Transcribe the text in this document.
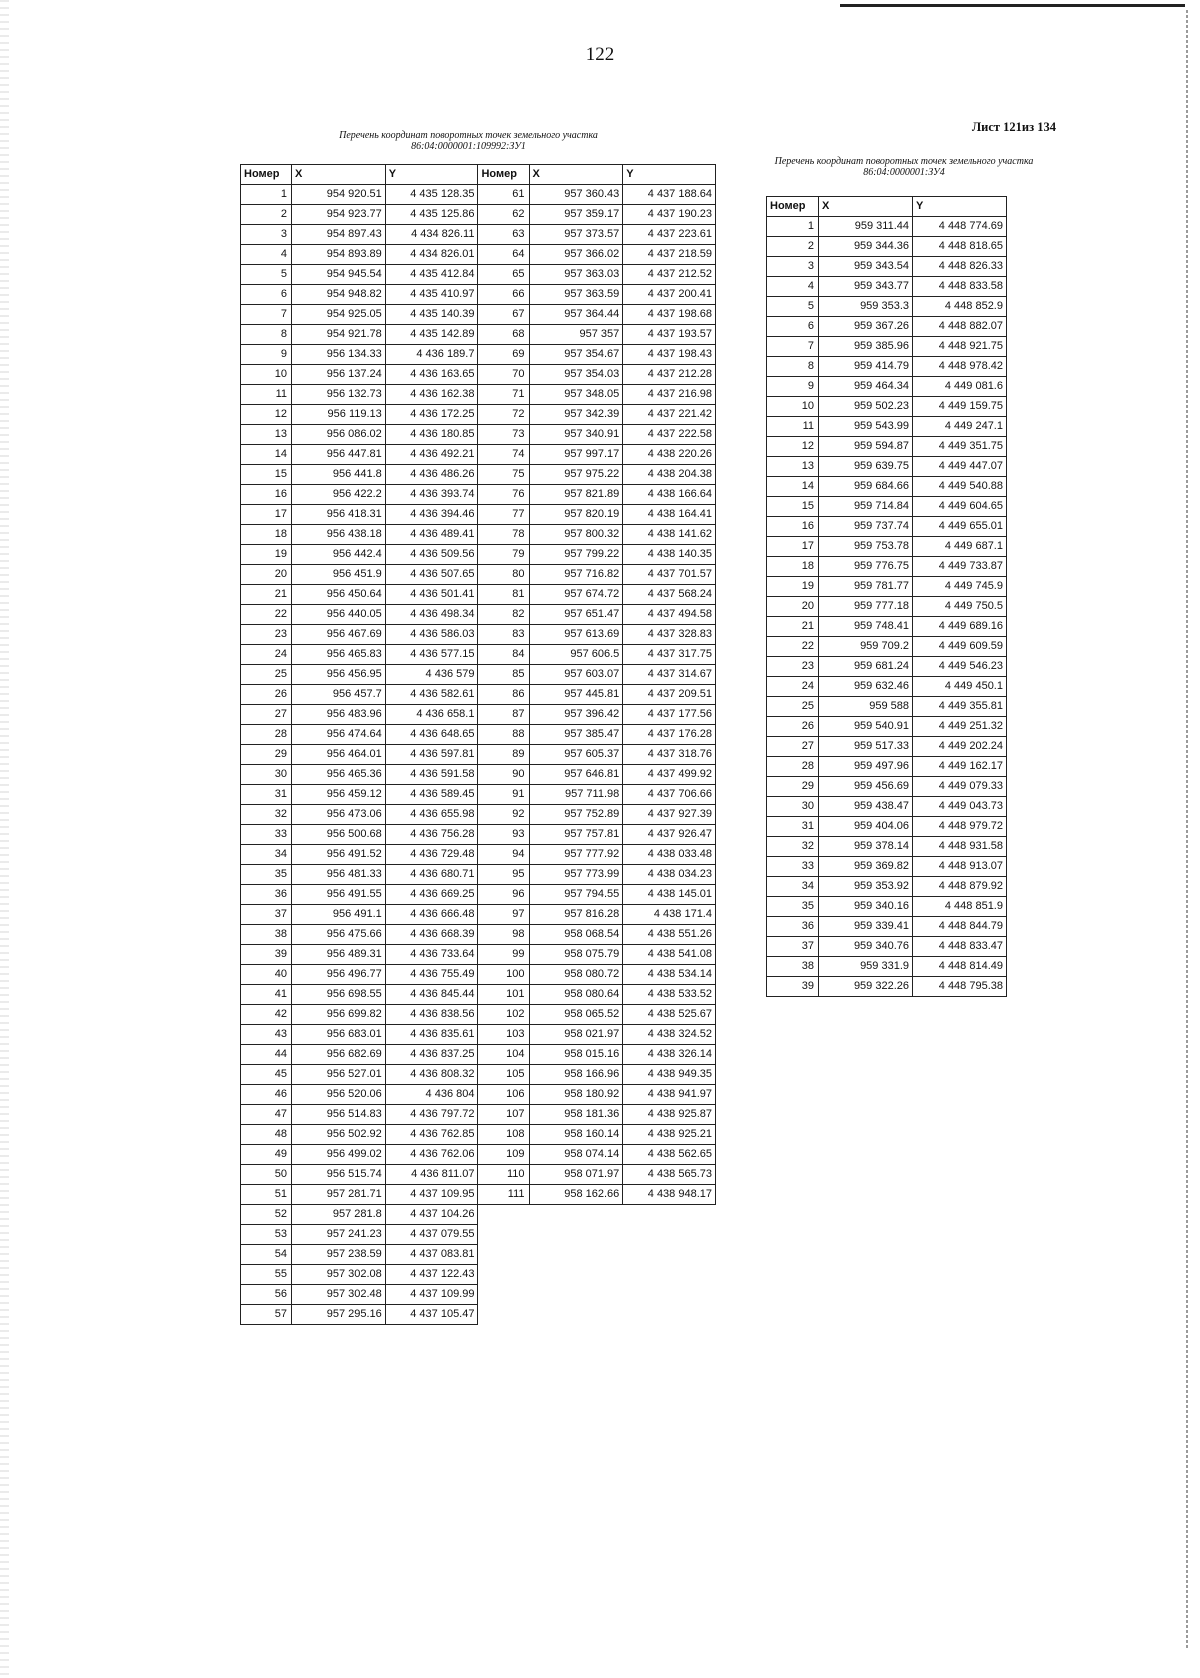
122
Лист 121из 134
Перечень координат поворотных точек земельного участка
86:04:0000001:109992:ЗУ1
Перечень координат поворотных точек земельного участка
86:04:0000001:ЗУ4
Номер	X	Y	Номер	X	Y
1	954 920.51	4 435 128.35	61	957 360.43	4 437 188.64
2	954 923.77	4 435 125.86	62	957 359.17	4 437 190.23
3	954 897.43	4 434 826.11	63	957 373.57	4 437 223.61
4	954 893.89	4 434 826.01	64	957 366.02	4 437 218.59
5	954 945.54	4 435 412.84	65	957 363.03	4 437 212.52
6	954 948.82	4 435 410.97	66	957 363.59	4 437 200.41
7	954 925.05	4 435 140.39	67	957 364.44	4 437 198.68
8	954 921.78	4 435 142.89	68	957 357	4 437 193.57
9	956 134.33	4 436 189.7	69	957 354.67	4 437 198.43
10	956 137.24	4 436 163.65	70	957 354.03	4 437 212.28
11	956 132.73	4 436 162.38	71	957 348.05	4 437 216.98
12	956 119.13	4 436 172.25	72	957 342.39	4 437 221.42
13	956 086.02	4 436 180.85	73	957 340.91	4 437 222.58
14	956 447.81	4 436 492.21	74	957 997.17	4 438 220.26
15	956 441.8	4 436 486.26	75	957 975.22	4 438 204.38
16	956 422.2	4 436 393.74	76	957 821.89	4 438 166.64
17	956 418.31	4 436 394.46	77	957 820.19	4 438 164.41
18	956 438.18	4 436 489.41	78	957 800.32	4 438 141.62
19	956 442.4	4 436 509.56	79	957 799.22	4 438 140.35
20	956 451.9	4 436 507.65	80	957 716.82	4 437 701.57
21	956 450.64	4 436 501.41	81	957 674.72	4 437 568.24
22	956 440.05	4 436 498.34	82	957 651.47	4 437 494.58
23	956 467.69	4 436 586.03	83	957 613.69	4 437 328.83
24	956 465.83	4 436 577.15	84	957 606.5	4 437 317.75
25	956 456.95	4 436 579	85	957 603.07	4 437 314.67
26	956 457.7	4 436 582.61	86	957 445.81	4 437 209.51
27	956 483.96	4 436 658.1	87	957 396.42	4 437 177.56
28	956 474.64	4 436 648.65	88	957 385.47	4 437 176.28
29	956 464.01	4 436 597.81	89	957 605.37	4 437 318.76
30	956 465.36	4 436 591.58	90	957 646.81	4 437 499.92
31	956 459.12	4 436 589.45	91	957 711.98	4 437 706.66
32	956 473.06	4 436 655.98	92	957 752.89	4 437 927.39
33	956 500.68	4 436 756.28	93	957 757.81	4 437 926.47
34	956 491.52	4 436 729.48	94	957 777.92	4 438 033.48
35	956 481.33	4 436 680.71	95	957 773.99	4 438 034.23
36	956 491.55	4 436 669.25	96	957 794.55	4 438 145.01
37	956 491.1	4 436 666.48	97	957 816.28	4 438 171.4
38	956 475.66	4 436 668.39	98	958 068.54	4 438 551.26
39	956 489.31	4 436 733.64	99	958 075.79	4 438 541.08
40	956 496.77	4 436 755.49	100	958 080.72	4 438 534.14
41	956 698.55	4 436 845.44	101	958 080.64	4 438 533.52
42	956 699.82	4 436 838.56	102	958 065.52	4 438 525.67
43	956 683.01	4 436 835.61	103	958 021.97	4 438 324.52
44	956 682.69	4 436 837.25	104	958 015.16	4 438 326.14
45	956 527.01	4 436 808.32	105	958 166.96	4 438 949.35
46	956 520.06	4 436 804	106	958 180.92	4 438 941.97
47	956 514.83	4 436 797.72	107	958 181.36	4 438 925.87
48	956 502.92	4 436 762.85	108	958 160.14	4 438 925.21
49	956 499.02	4 436 762.06	109	958 074.14	4 438 562.65
50	956 515.74	4 436 811.07	110	958 071.97	4 438 565.73
51	957 281.71	4 437 109.95	111	958 162.66	4 438 948.17
52	957 281.8	4 437 104.26			
53	957 241.23	4 437 079.55			
54	957 238.59	4 437 083.81			
55	957 302.08	4 437 122.43			
56	957 302.48	4 437 109.99			
57	957 295.16	4 437 105.47			
Номер	X	Y
1	959 311.44	4 448 774.69
2	959 344.36	4 448 818.65
3	959 343.54	4 448 826.33
4	959 343.77	4 448 833.58
5	959 353.3	4 448 852.9
6	959 367.26	4 448 882.07
7	959 385.96	4 448 921.75
8	959 414.79	4 448 978.42
9	959 464.34	4 449 081.6
10	959 502.23	4 449 159.75
11	959 543.99	4 449 247.1
12	959 594.87	4 449 351.75
13	959 639.75	4 449 447.07
14	959 684.66	4 449 540.88
15	959 714.84	4 449 604.65
16	959 737.74	4 449 655.01
17	959 753.78	4 449 687.1
18	959 776.75	4 449 733.87
19	959 781.77	4 449 745.9
20	959 777.18	4 449 750.5
21	959 748.41	4 449 689.16
22	959 709.2	4 449 609.59
23	959 681.24	4 449 546.23
24	959 632.46	4 449 450.1
25	959 588	4 449 355.81
26	959 540.91	4 449 251.32
27	959 517.33	4 449 202.24
28	959 497.96	4 449 162.17
29	959 456.69	4 449 079.33
30	959 438.47	4 449 043.73
31	959 404.06	4 448 979.72
32	959 378.14	4 448 931.58
33	959 369.82	4 448 913.07
34	959 353.92	4 448 879.92
35	959 340.16	4 448 851.9
36	959 339.41	4 448 844.79
37	959 340.76	4 448 833.47
38	959 331.9	4 448 814.49
39	959 322.26	4 448 795.38
